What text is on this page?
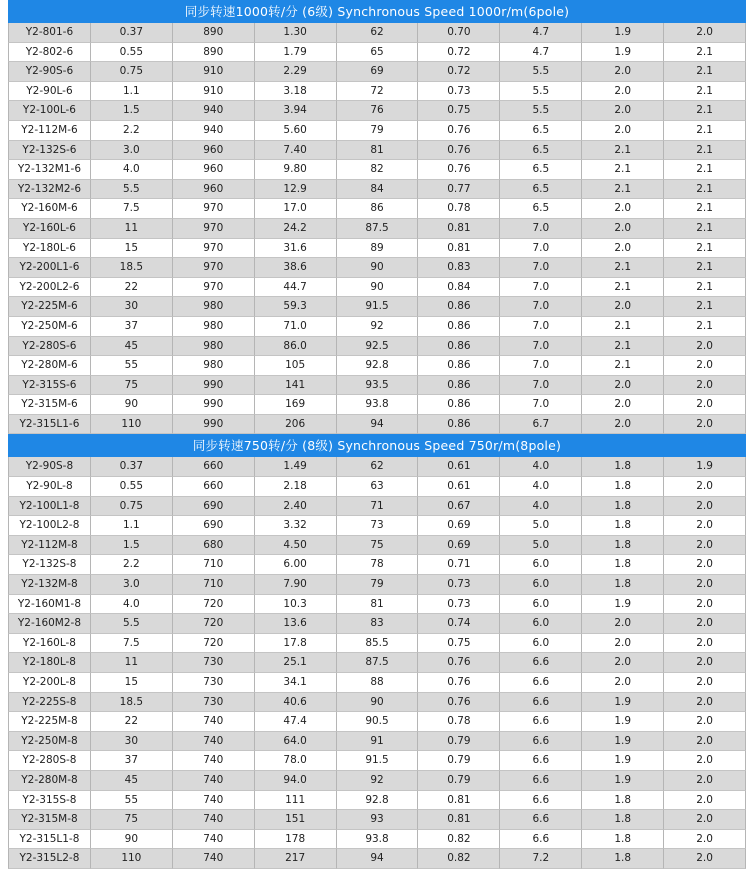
同步转速1000转/分 (6级) Synchronous Speed 1000r/m(6pole)
Y2-801-6	0.37	890	1.30	62	0.70	4.7	1.9	2.0
Y2-802-6	0.55	890	1.79	65	0.72	4.7	1.9	2.1
Y2-90S-6	0.75	910	2.29	69	0.72	5.5	2.0	2.1
Y2-90L-6	1.1	910	3.18	72	0.73	5.5	2.0	2.1
Y2-100L-6	1.5	940	3.94	76	0.75	5.5	2.0	2.1
Y2-112M-6	2.2	940	5.60	79	0.76	6.5	2.0	2.1
Y2-132S-6	3.0	960	7.40	81	0.76	6.5	2.1	2.1
Y2-132M1-6	4.0	960	9.80	82	0.76	6.5	2.1	2.1
Y2-132M2-6	5.5	960	12.9	84	0.77	6.5	2.1	2.1
Y2-160M-6	7.5	970	17.0	86	0.78	6.5	2.0	2.1
Y2-160L-6	11	970	24.2	87.5	0.81	7.0	2.0	2.1
Y2-180L-6	15	970	31.6	89	0.81	7.0	2.0	2.1
Y2-200L1-6	18.5	970	38.6	90	0.83	7.0	2.1	2.1
Y2-200L2-6	22	970	44.7	90	0.84	7.0	2.1	2.1
Y2-225M-6	30	980	59.3	91.5	0.86	7.0	2.0	2.1
Y2-250M-6	37	980	71.0	92	0.86	7.0	2.1	2.1
Y2-280S-6	45	980	86.0	92.5	0.86	7.0	2.1	2.0
Y2-280M-6	55	980	105	92.8	0.86	7.0	2.1	2.0
Y2-315S-6	75	990	141	93.5	0.86	7.0	2.0	2.0
Y2-315M-6	90	990	169	93.8	0.86	7.0	2.0	2.0
Y2-315L1-6	110	990	206	94	0.86	6.7	2.0	2.0
同步转速750转/分 (8级) Synchronous Speed 750r/m(8pole)
Y2-90S-8	0.37	660	1.49	62	0.61	4.0	1.8	1.9
Y2-90L-8	0.55	660	2.18	63	0.61	4.0	1.8	2.0
Y2-100L1-8	0.75	690	2.40	71	0.67	4.0	1.8	2.0
Y2-100L2-8	1.1	690	3.32	73	0.69	5.0	1.8	2.0
Y2-112M-8	1.5	680	4.50	75	0.69	5.0	1.8	2.0
Y2-132S-8	2.2	710	6.00	78	0.71	6.0	1.8	2.0
Y2-132M-8	3.0	710	7.90	79	0.73	6.0	1.8	2.0
Y2-160M1-8	4.0	720	10.3	81	0.73	6.0	1.9	2.0
Y2-160M2-8	5.5	720	13.6	83	0.74	6.0	2.0	2.0
Y2-160L-8	7.5	720	17.8	85.5	0.75	6.0	2.0	2.0
Y2-180L-8	11	730	25.1	87.5	0.76	6.6	2.0	2.0
Y2-200L-8	15	730	34.1	88	0.76	6.6	2.0	2.0
Y2-225S-8	18.5	730	40.6	90	0.76	6.6	1.9	2.0
Y2-225M-8	22	740	47.4	90.5	0.78	6.6	1.9	2.0
Y2-250M-8	30	740	64.0	91	0.79	6.6	1.9	2.0
Y2-280S-8	37	740	78.0	91.5	0.79	6.6	1.9	2.0
Y2-280M-8	45	740	94.0	92	0.79	6.6	1.9	2.0
Y2-315S-8	55	740	111	92.8	0.81	6.6	1.8	2.0
Y2-315M-8	75	740	151	93	0.81	6.6	1.8	2.0
Y2-315L1-8	90	740	178	93.8	0.82	6.6	1.8	2.0
Y2-315L2-8	110	740	217	94	0.82	7.2	1.8	2.0
